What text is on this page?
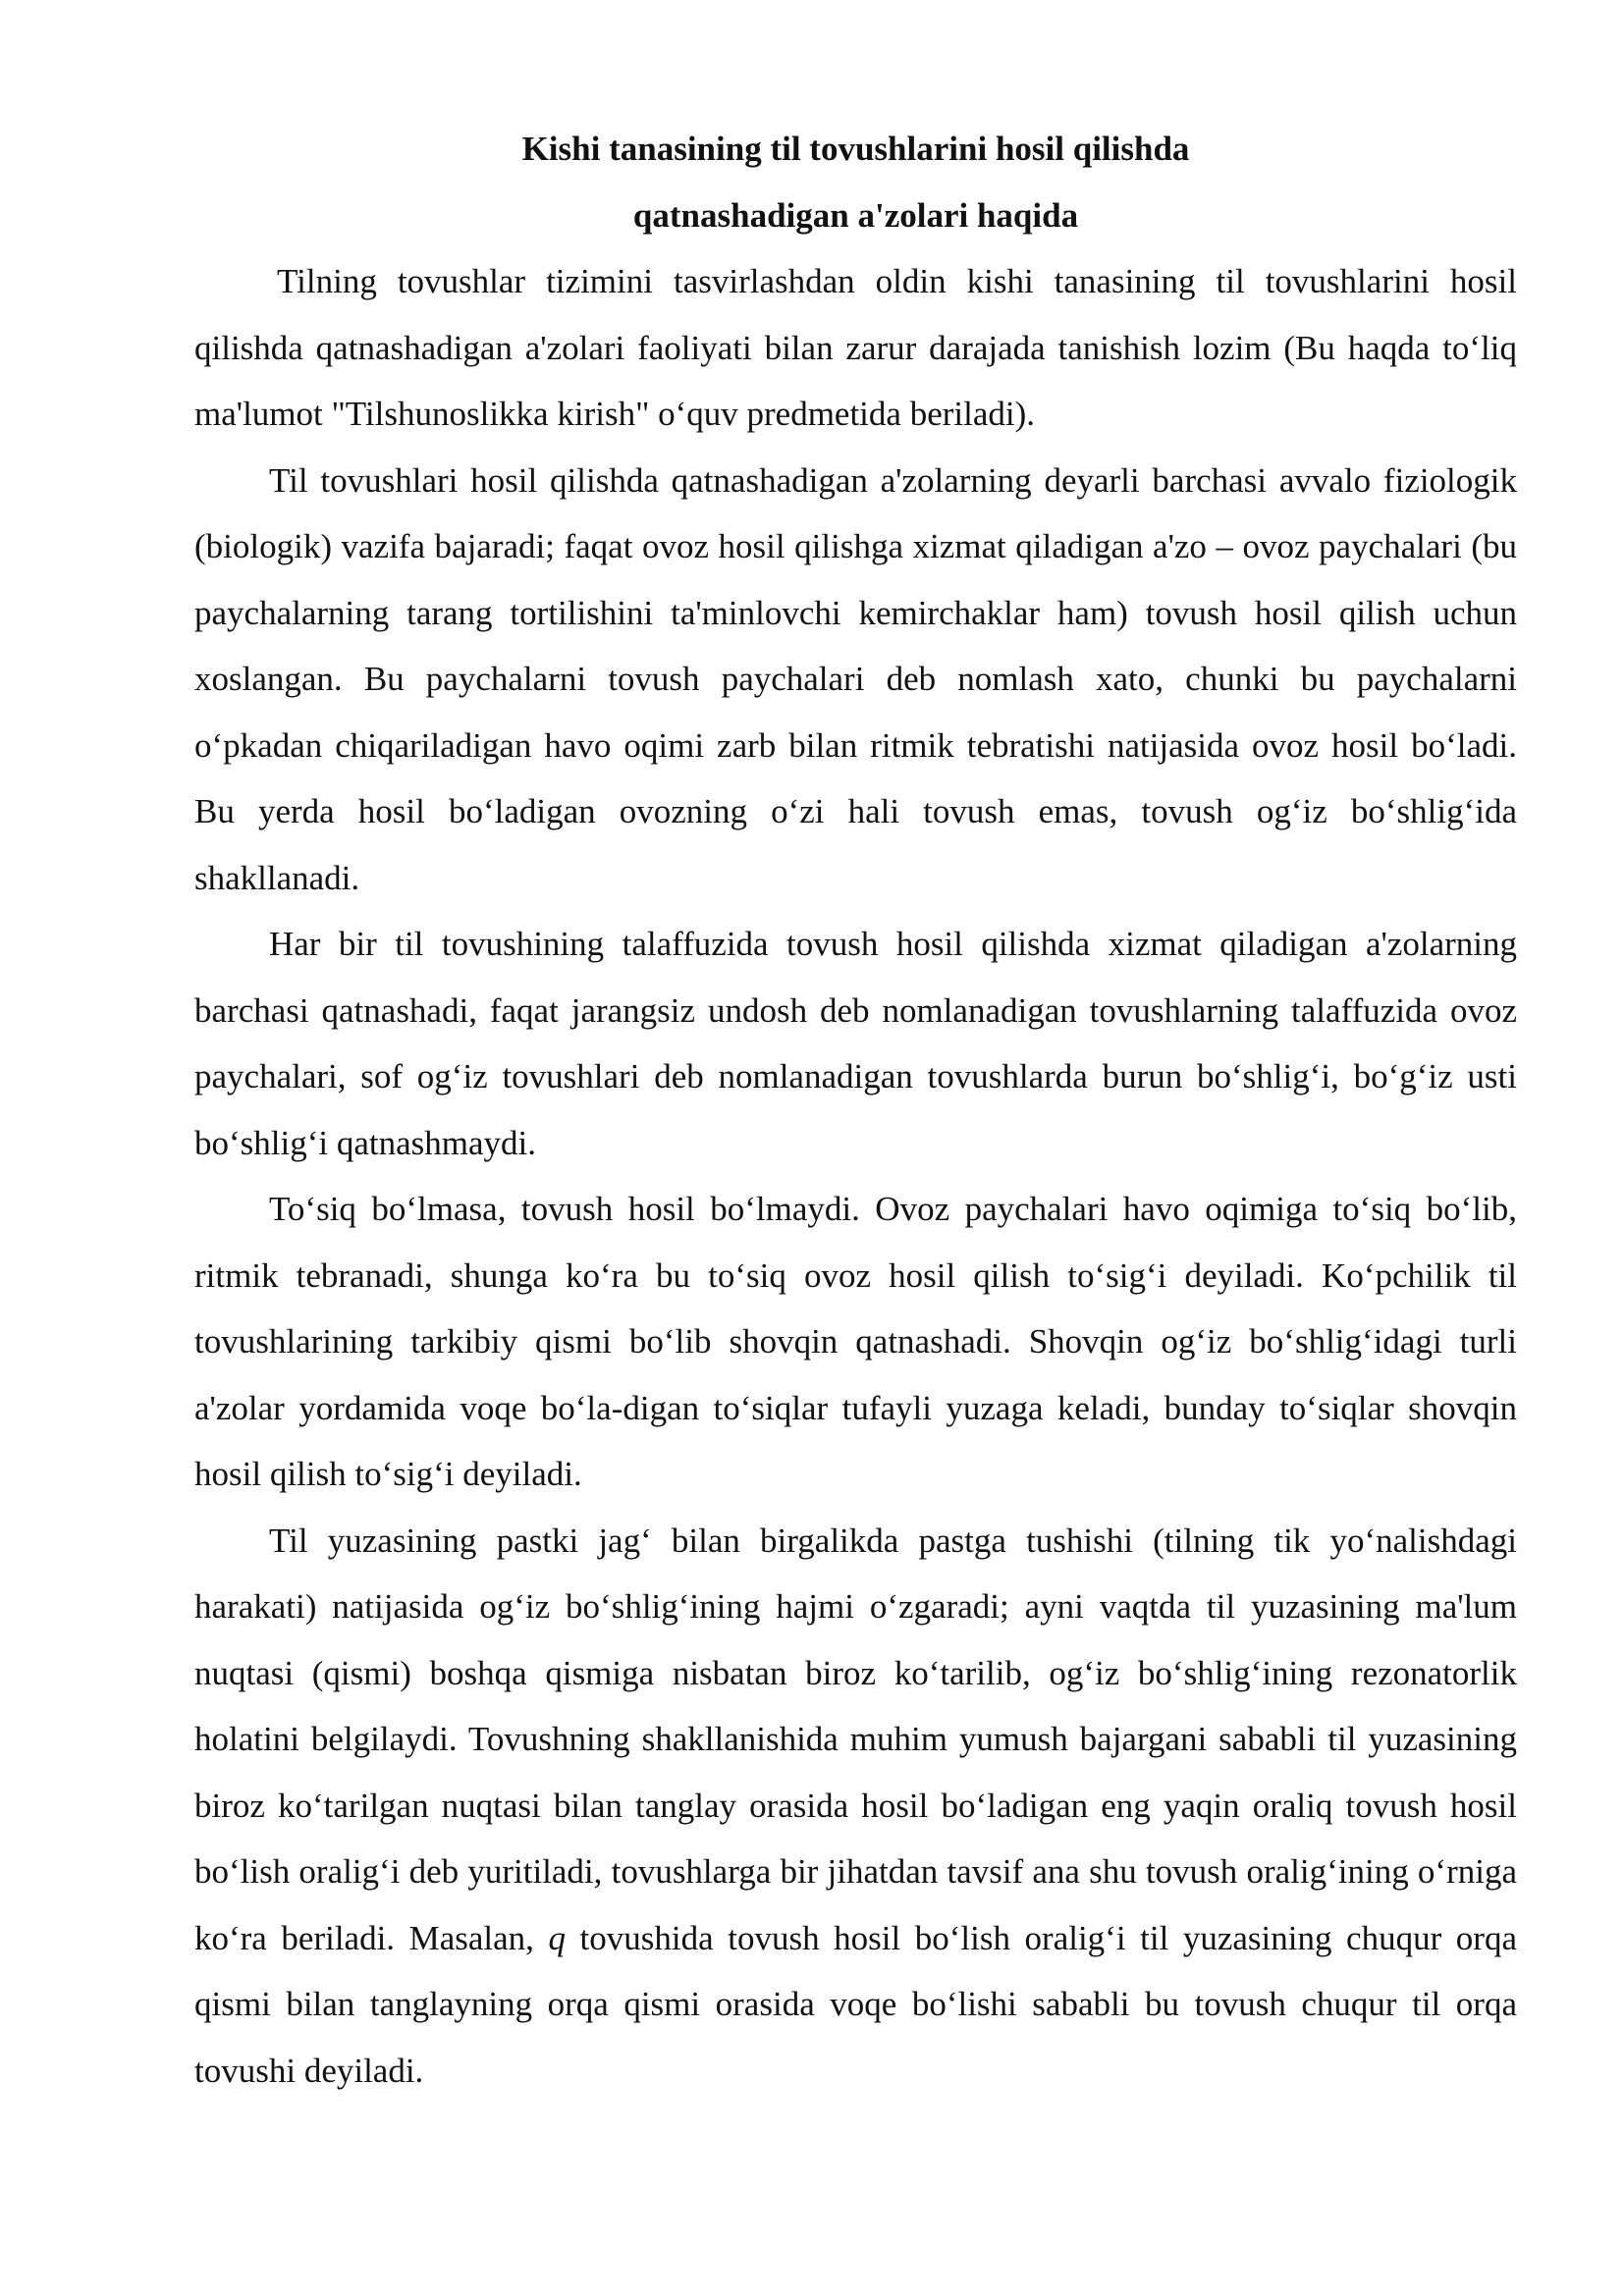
Kishi tanasining til tovushlarini hosil qilishda

qatnashadigan a'zolari haqida

Tilning tovushlar tizimini tasvirlashdan oldin kishi tanasining til tovushlarini hosil qilishda qatnashadigan a'zolari faoliyati bilan zarur darajada tanishish lozim (Bu haqda to‘liq ma'lumot "Tilshunoslikka kirish" o‘quv predmetida beriladi).

Til tovushlari hosil qilishda qatnashadigan a'zolarning deyarli barchasi avvalo fiziologik (biologik) vazifa bajaradi; faqat ovoz hosil qilishga xizmat qiladigan a'zo – ovoz paychalari (bu paychalarning tarang tortilishini ta'minlovchi kemirchaklar ham) tovush hosil qilish uchun xoslangan. Bu paychalarni tovush paychalari deb nomlash xato, chunki bu paychalarni o‘pkadan chiqariladigan havo oqimi zarb bilan ritmik tebratishi natijasida ovoz hosil bo‘ladi. Bu yerda hosil bo‘ladigan ovozning o‘zi hali tovush emas, tovush og‘iz bo‘shlig‘ida shakllanadi.

Har bir til tovushining talaffuzida tovush hosil qilishda xizmat qiladigan a'zolarning barchasi qatnashadi, faqat jarangsiz undosh deb nomlanadigan tovushlarning talaffuzida ovoz paychalari, sof og‘iz tovushlari deb nomlanadigan tovushlarda burun bo‘shlig‘i, bo‘g‘iz usti bo‘shlig‘i qatnashmaydi.

To‘siq bo‘lmasa, tovush hosil bo‘lmaydi. Ovoz paychalari havo oqimiga to‘siq bo‘lib, ritmik tebranadi, shunga ko‘ra bu to‘siq ovoz hosil qilish to‘sig‘i deyiladi. Ko‘pchilik til tovushlarining tarkibiy qismi bo‘lib shovqin qatnashadi. Shovqin og‘iz bo‘shlig‘idagi turli a'zolar yordamida voqe bo‘la-digan to‘siqlar tufayli yuzaga keladi, bunday to‘siqlar shovqin hosil qilish to‘sig‘i deyiladi.

Til yuzasining pastki jag‘ bilan birgalikda pastga tushishi (tilning tik yo‘nalishdagi harakati) natijasida og‘iz bo‘shlig‘ining hajmi o‘zgaradi; ayni vaqtda til yuzasining ma'lum nuqtasi (qismi) boshqa qismiga nisbatan biroz ko‘tarilib, og‘iz bo‘shlig‘ining rezonatorlik holatini belgilaydi. Tovushning shakllanishida muhim yumush bajargani sababli til yuzasining biroz ko‘tarilgan nuqtasi bilan tanglay orasida hosil bo‘ladigan eng yaqin oraliq tovush hosil bo‘lish oralig‘i deb yuritiladi, tovushlarga bir jihatdan tavsif ana shu tovush oralig‘ining o‘rniga ko‘ra beriladi. Masalan, q tovushida tovush hosil bo‘lish oralig‘i til yuzasining chuqur orqa qismi bilan tanglayning orqa qismi orasida voqe bo‘lishi sababli bu tovush chuqur til orqa tovushi deyiladi.
